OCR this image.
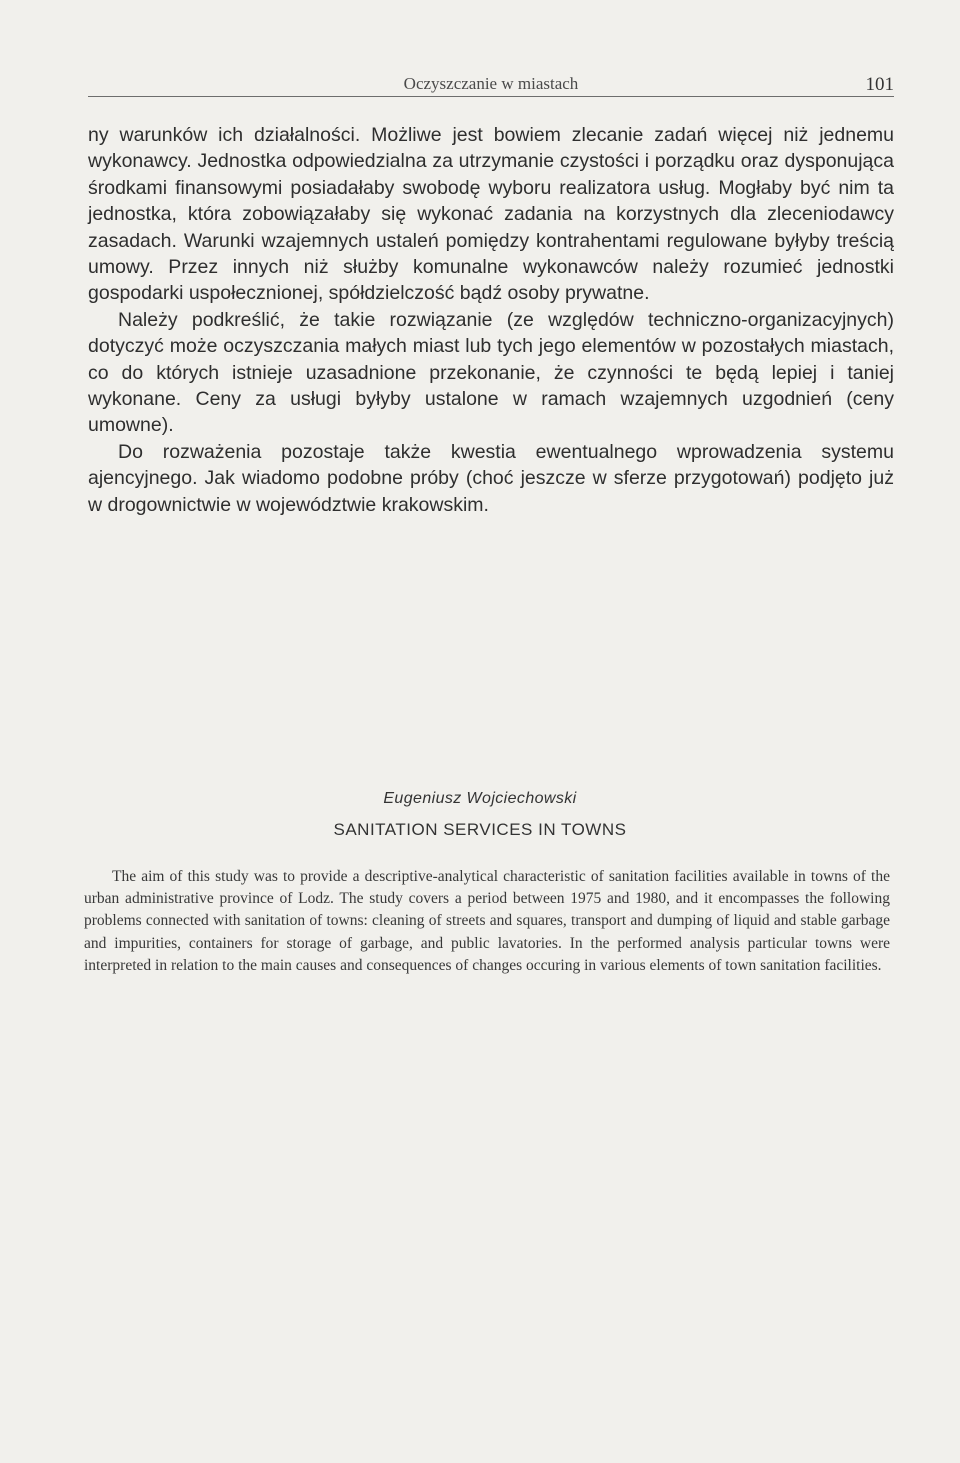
Oczyszczanie w miastach	101

ny warunków ich działalności. Możliwe jest bowiem zlecanie zadań więcej niż jednemu wykonawcy. Jednostka odpowiedzialna za utrzymanie czystości i porządku oraz dysponująca środkami finansowymi posiadałaby swobodę wyboru realizatora usług. Mogłaby być nim ta jednostka, która zobowiązałaby się wykonać zadania na korzystnych dla zleceniodawcy zasadach. Warunki wzajemnych ustaleń pomiędzy kontrahentami regulowane byłyby treścią umowy. Przez innych niż służby komunalne wykonawców należy rozumieć jednostki gospodarki uspołecznionej, spółdzielczość bądź osoby prywatne.

Należy podkreślić, że takie rozwiązanie (ze względów techniczno-organizacyjnych) dotyczyć może oczyszczania małych miast lub tych jego elementów w pozostałych miastach, co do których istnieje uzasadnione przekonanie, że czynności te będą lepiej i taniej wykonane. Ceny za usługi byłyby ustalone w ramach wzajemnych uzgodnień (ceny umowne).

Do rozważenia pozostaje także kwestia ewentualnego wprowadzenia systemu ajencyjnego. Jak wiadomo podobne próby (choć jeszcze w sferze przygotowań) podjęto już w drogownictwie w województwie krakowskim.

Eugeniusz Wojciechowski
SANITATION SERVICES IN TOWNS

The aim of this study was to provide a descriptive-analytical characteristic of sanitation facilities available in towns of the urban administrative province of Lodz. The study covers a period between 1975 and 1980, and it encompasses the following problems connected with sanitation of towns: cleaning of streets and squares, transport and dumping of liquid and stable garbage and impurities, containers for storage of garbage, and public lavatories. In the performed analysis particular towns were interpreted in relation to the main causes and consequences of changes occuring in various elements of town sanitation facilities.
